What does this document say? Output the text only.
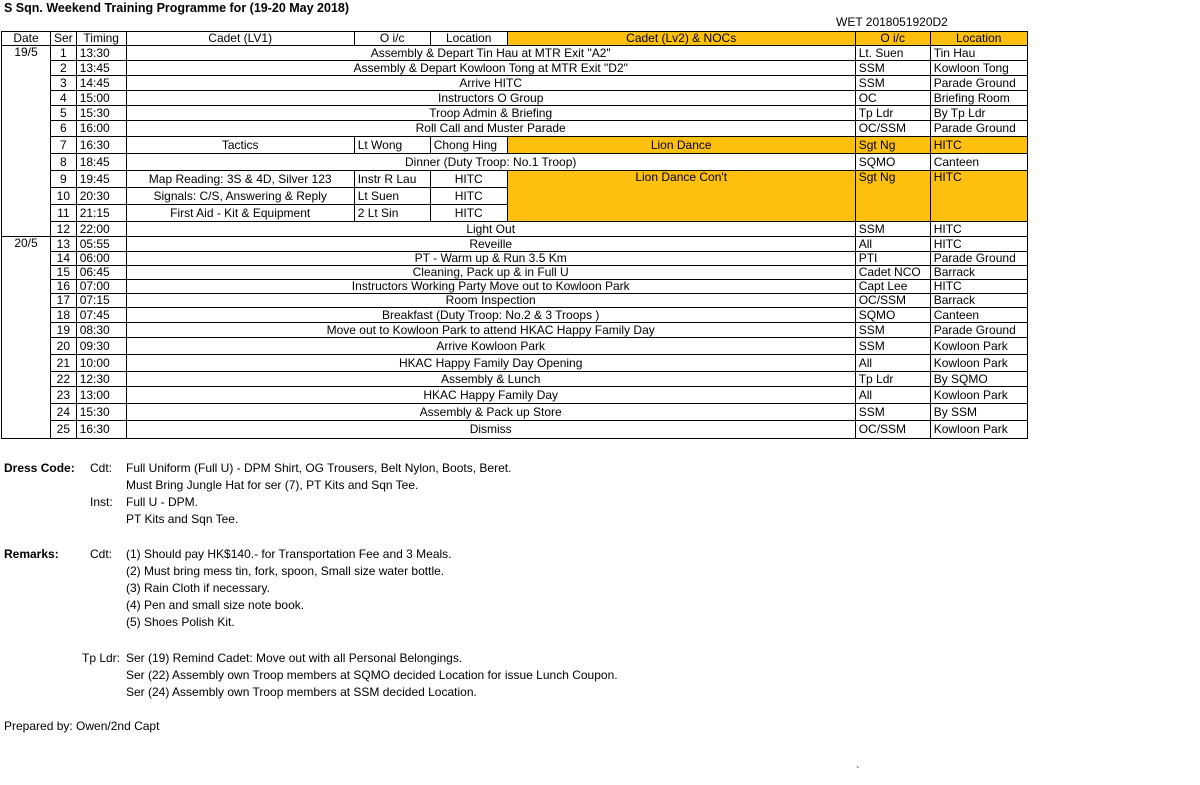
S Sqn. Weekend Training Programme for (19-20 May 2018)
WET 2018051920D2
Date	Ser	Timing	Cadet (LV1)	O i/c	Location	Cadet (Lv2) & NOCs	O i/c	Location
19/5	1	13:30	Assembly & Depart Tin Hau at MTR Exit "A2"				Lt. Suen	Tin Hau
	2	13:45	Assembly & Depart Kowloon Tong at MTR Exit "D2"				SSM	Kowloon Tong
	3	14:45	Arrive HITC				SSM	Parade Ground
	4	15:00	Instructors O Group				OC	Briefing Room
	5	15:30	Troop Admin & Briefing				Tp Ldr	By Tp Ldr
	6	16:00	Roll Call and Muster Parade				OC/SSM	Parade Ground
	7	16:30	Tactics	Lt Wong	Chong Hing	Lion Dance	Sgt Ng	HITC
	8	18:45	Dinner (Duty Troop: No.1 Troop)				SQMO	Canteen
	9	19:45	Map Reading: 3S & 4D, Silver 123	Instr R Lau	HITC	Lion Dance Con't	Sgt Ng	HITC
	10	20:30	Signals: C/S, Answering & Reply	Lt Suen	HITC			
	11	21:15	First Aid - Kit & Equipment	2 Lt Sin	HITC			
	12	22:00	Light Out				SSM	HITC
20/5	13	05:55	Reveille				All	HITC
	14	06:00	PT - Warm up & Run 3.5 Km				PTI	Parade Ground
	15	06:45	Cleaning, Pack up & in Full U				Cadet NCO	Barrack
	16	07:00	Instructors Working Party Move out to Kowloon Park				Capt Lee	HITC
	17	07:15	Room Inspection				OC/SSM	Barrack
	18	07:45	Breakfast (Duty Troop: No.2 & 3 Troops )				SQMO	Canteen
	19	08:30	Move out to Kowloon Park to attend HKAC Happy Family Day				SSM	Parade Ground
	20	09:30	Arrive Kowloon Park				SSM	Kowloon Park
	21	10:00	HKAC Happy Family Day Opening				All	Kowloon Park
	22	12:30	Assembly & Lunch				Tp Ldr	By SQMO
	23	13:00	HKAC Happy Family Day				All	Kowloon Park
	24	15:30	Assembly & Pack up Store				SSM	By SSM
	25	16:30	Dismiss				OC/SSM	Kowloon Park
Dress Code: Cdt: Full Uniform (Full U) - DPM Shirt, OG Trousers, Belt Nylon, Boots, Beret.
Must Bring Jungle Hat for ser (7), PT Kits and Sqn Tee.
Inst: Full U - DPM.
PT Kits and Sqn Tee.
Remarks:	Cdt: (1) Should pay HK$140.- for Transportation Fee and 3 Meals.
(2) Must bring mess tin, fork, spoon, Small size water bottle.
(3) Rain Cloth if necessary.
(4) Pen and small size note book.
(5) Shoes Polish Kit.
Tp Ldr: Ser (19) Remind Cadet: Move out with all Personal Belongings.
Ser (22) Assembly own Troop members at SQMO decided Location for issue Lunch Coupon.
Ser (24) Assembly own Troop members at SSM decided Location.
Prepared by: Owen/2nd Capt
`
